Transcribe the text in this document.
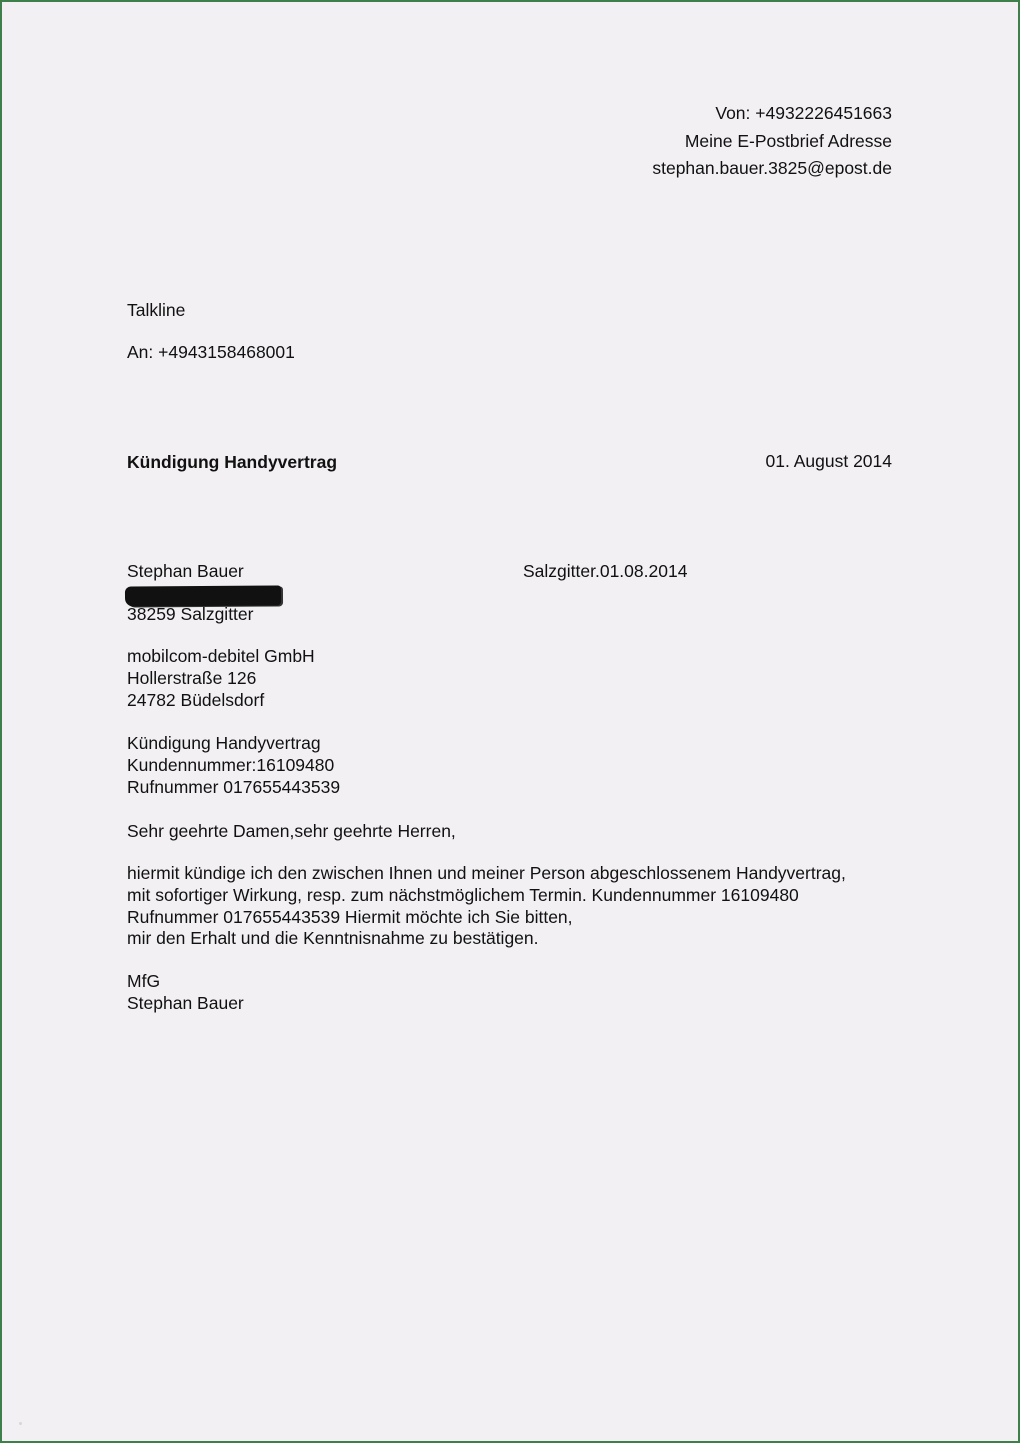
Von: +4932226451663
Meine E-Postbrief Adresse
stephan.bauer.3825@epost.de
Talkline
An: +4943158468001
Kündigung Handyvertrag	01. August 2014
Stephan Bauer	Salzgitter.01.08.2014
38259 Salzgitter
mobilcom-debitel GmbH
Hollerstraße 126
24782 Büdelsdorf
Kündigung Handyvertrag
Kundennummer:16109480
Rufnummer 017655443539
Sehr geehrte Damen,sehr geehrte Herren,
hiermit kündige ich den zwischen Ihnen und meiner Person abgeschlossenem Handyvertrag,
mit sofortiger Wirkung, resp. zum nächstmöglichem Termin. Kundennummer 16109480
Rufnummer 017655443539 Hiermit möchte ich Sie bitten,
mir den Erhalt und die Kenntnisnahme zu bestätigen.
MfG
Stephan Bauer
